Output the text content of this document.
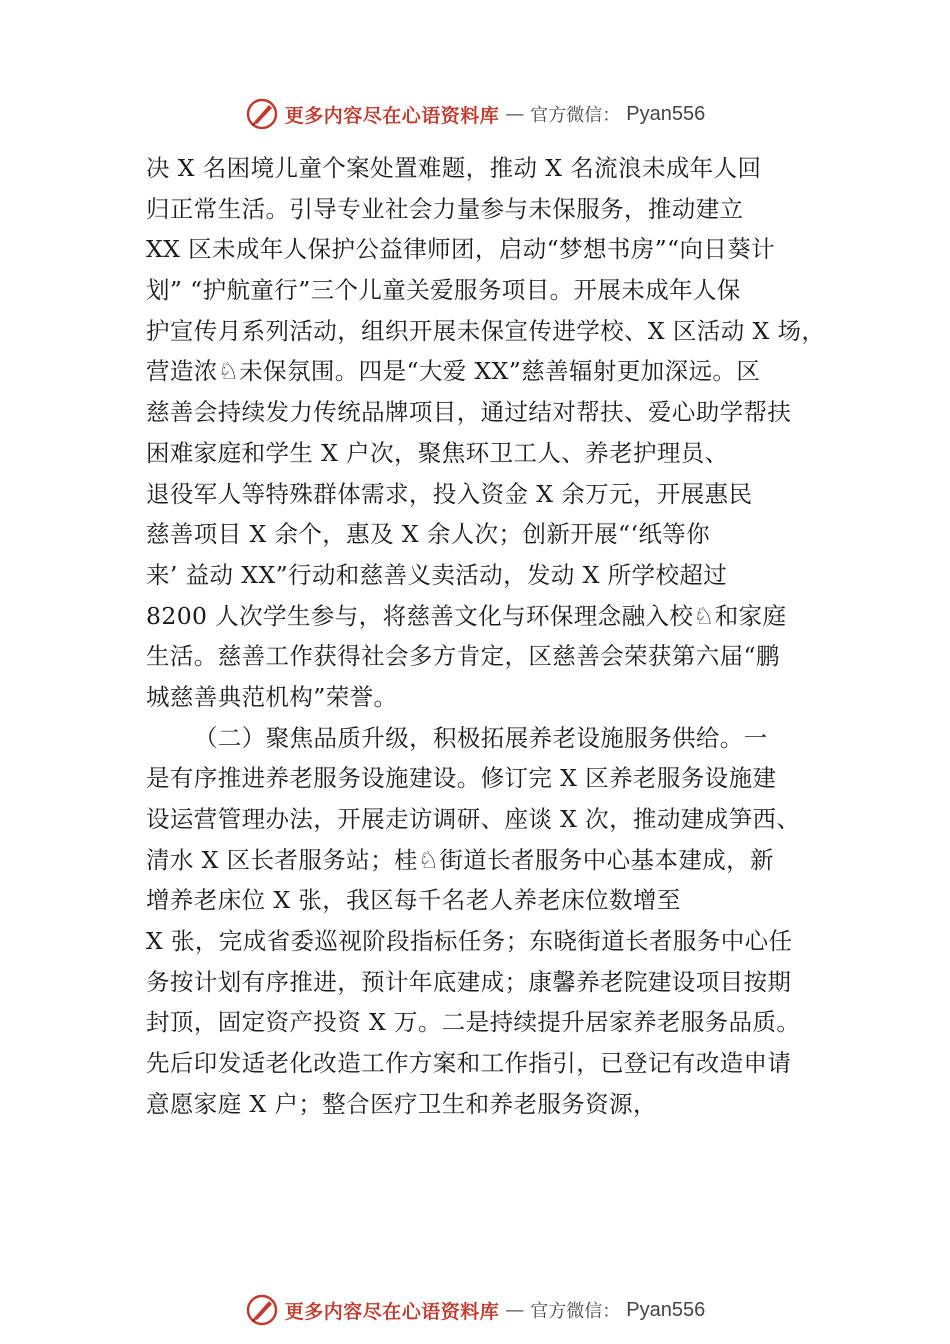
更多内容尽在心语资料库 — 官方微信： Pyan556
决 X 名困境儿童个案处置难题，推动 X 名流浪未成年人回
归正常生活。引导专业社会力量参与未保服务，推动建立
XX 区未成年人保护公益律师团，启动“梦想书房”“向日葵计
划” “护航童行”三个儿童关爱服务项目。开展未成年人保
护宣传月系列活动，组织开展未保宣传进学校、X 区活动 X 场，
营造浓♘未保氛围。四是“大爱 XX”慈善辐射更加深远。区
慈善会持续发力传统品牌项目，通过结对帮扶、爱心助学帮扶
困难家庭和学生 X 户次，聚焦环卫工人、养老护理员、
退役军人等特殊群体需求，投入资金 X 余万元，开展惠民
慈善项目 X 余个，惠及 X 余人次；创新开展“‘纸等你
来’ 益动 XX”行动和慈善义卖活动，发动 X 所学校超过
8200 人次学生参与，将慈善文化与环保理念融入校♘和家庭
生活。慈善工作获得社会多方肯定，区慈善会荣获第六届“鹏
城慈善典范机构”荣誉。
（二）聚焦品质升级，积极拓展养老设施服务供给。一
是有序推进养老服务设施建设。修订完 X 区养老服务设施建
设运营管理办法，开展走访调研、座谈 X 次，推动建成笋西、
清水 X 区长者服务站；桂♘街道长者服务中心基本建成，新
增养老床位 X 张，我区每千名老人养老床位数增至
X 张，完成省委巡视阶段指标任务；东晓街道长者服务中心任
务按计划有序推进，预计年底建成；康馨养老院建设项目按期
封顶，固定资产投资 X 万。二是持续提升居家养老服务品质。
先后印发适老化改造工作方案和工作指引，已登记有改造申请
意愿家庭 X 户；整合医疗卫生和养老服务资源，
更多内容尽在心语资料库 — 官方微信： Pyan556
